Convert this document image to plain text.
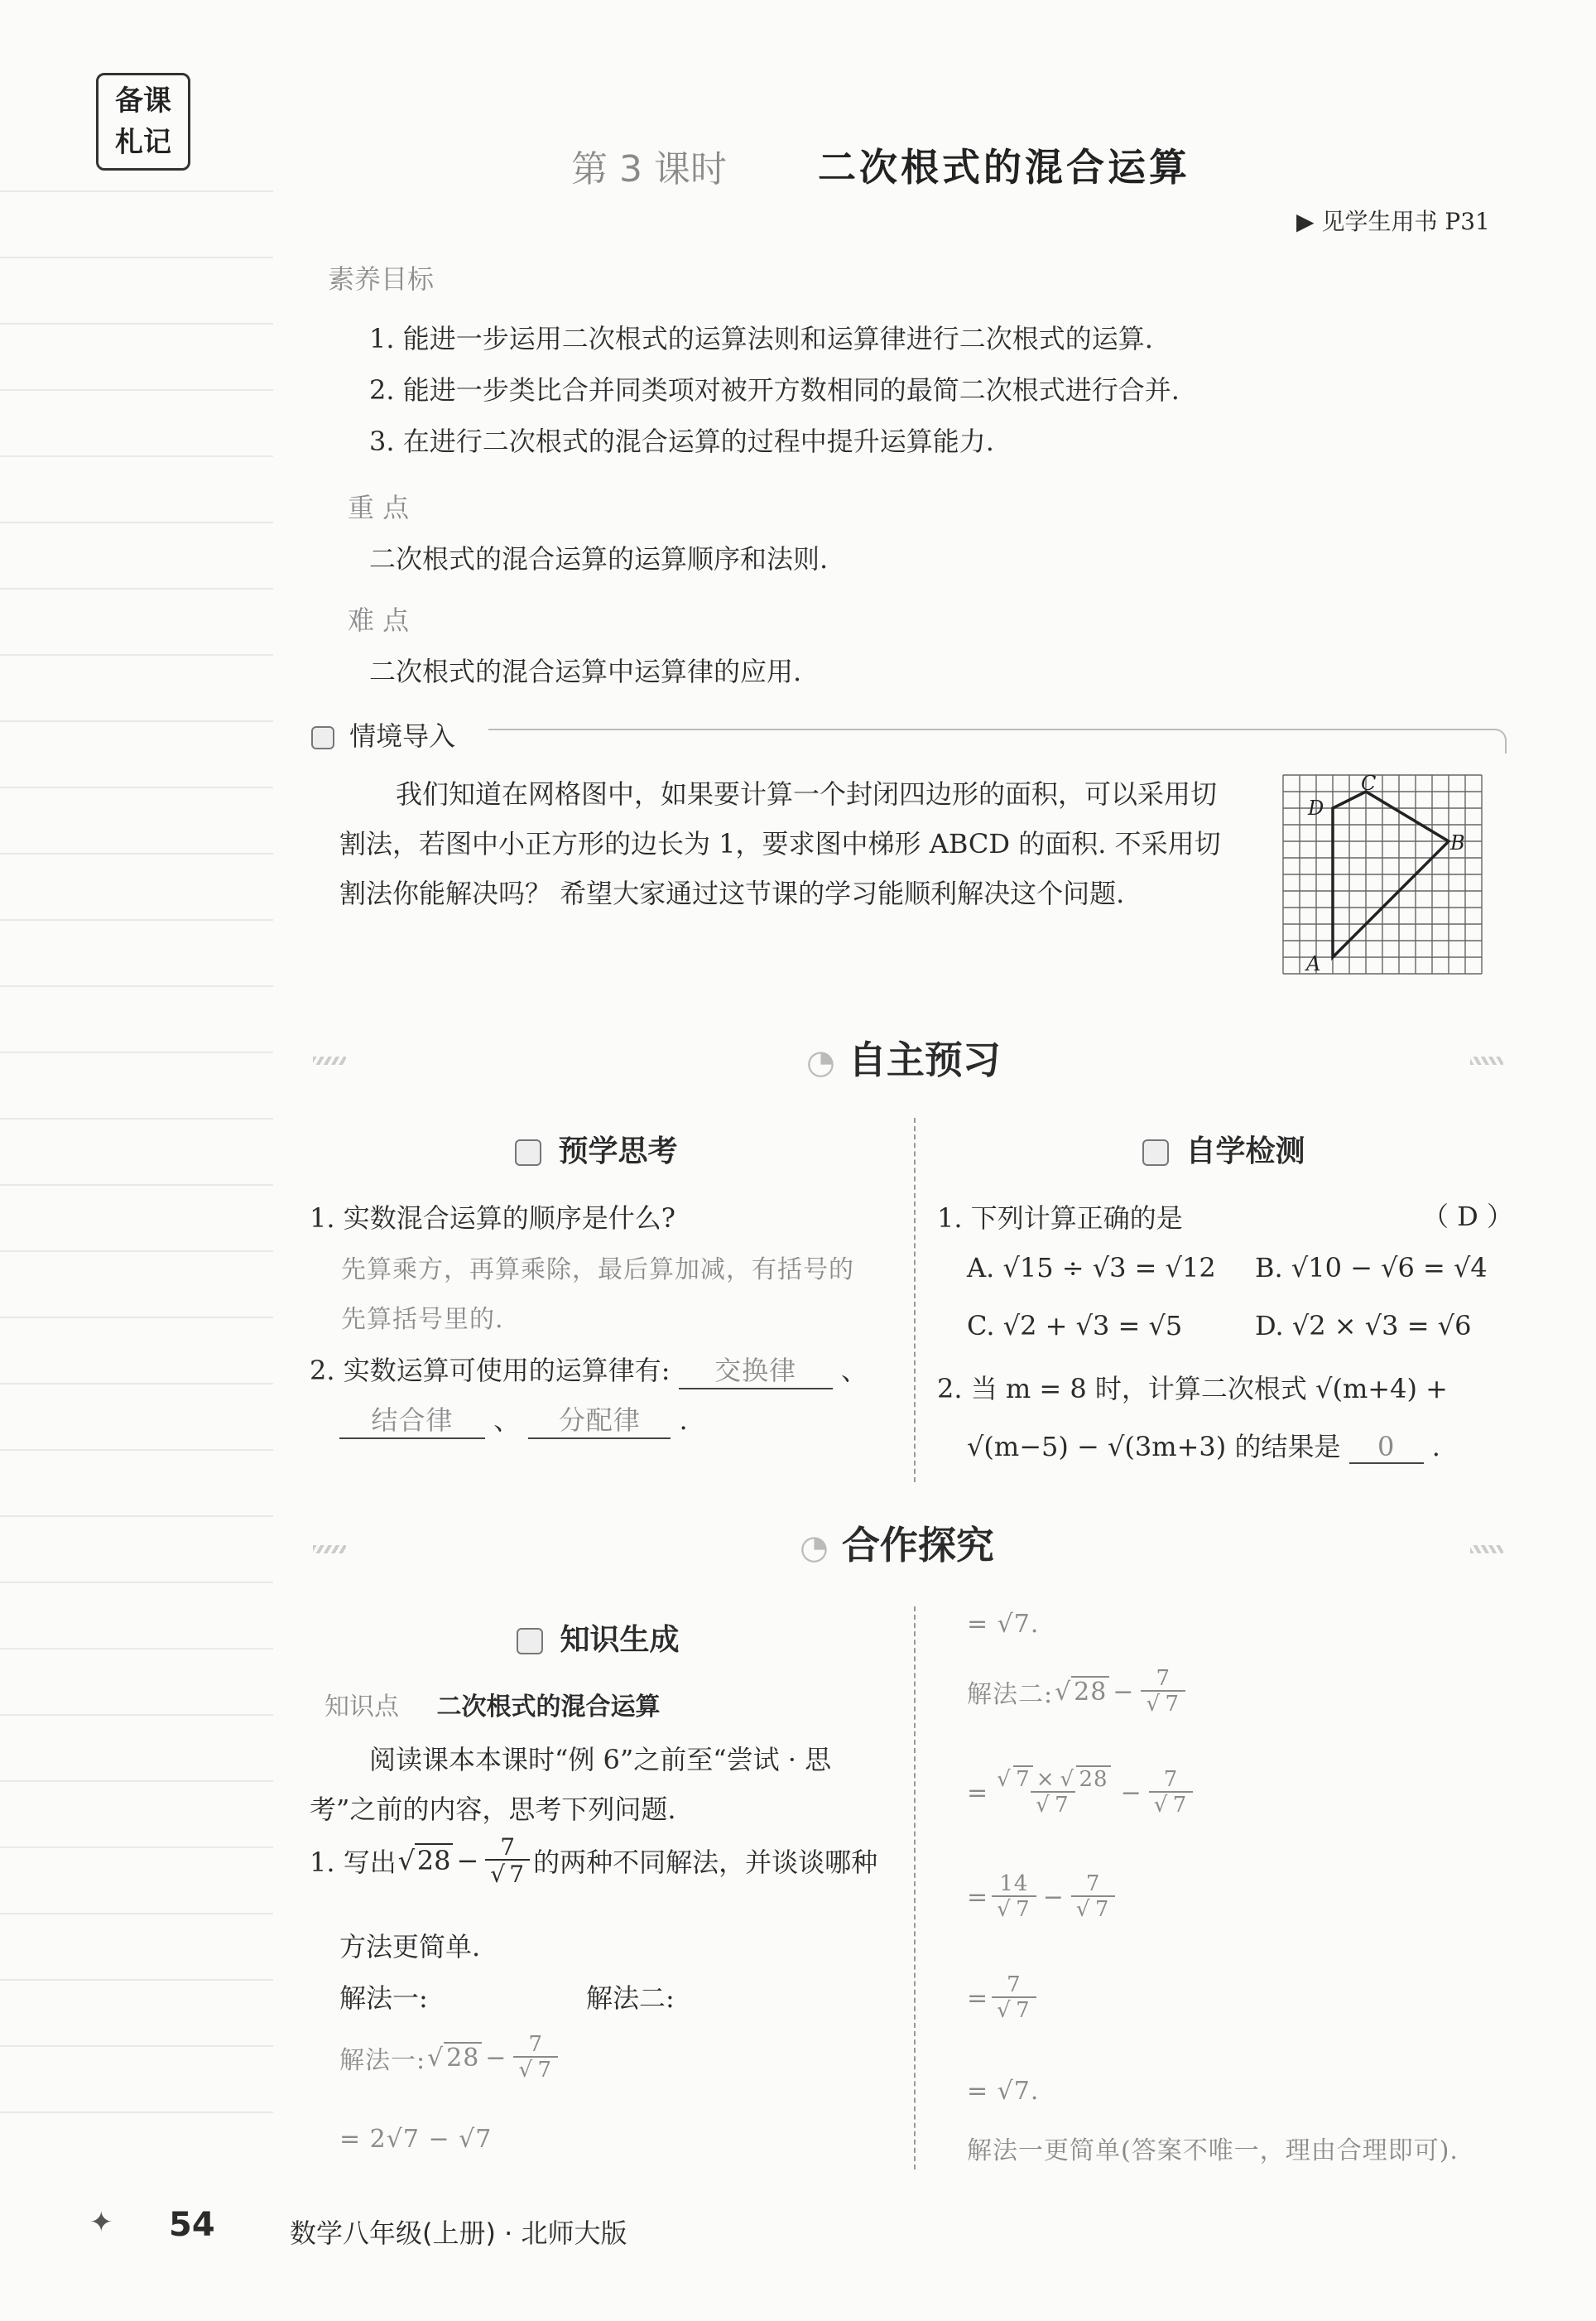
备课
札记
第 3 课时 二次根式的混合运算
▶ 见学生用书 P31
素养目标
1. 能进一步运用二次根式的运算法则和运算律进行二次根式的运算.
2. 能进一步类比合并同类项对被开方数相同的最简二次根式进行合并.
3. 在进行二次根式的混合运算的过程中提升运算能力.
重 点
二次根式的混合运算的运算顺序和法则.
难 点
二次根式的混合运算中运算律的应用.
情境导入
我们知道在网格图中，如果要计算一个封闭四边形的面积，可以采用切
割法，若图中小正方形的边长为 1，要求图中梯形 ABCD 的面积. 不采用切
割法你能解决吗？ 希望大家通过这节课的学习能顺利解决这个问题.
A
B
C
D
◔ 自主预习
预学思考
1. 实数混合运算的顺序是什么?
先算乘方，再算乘除，最后算加减，有括号的
先算括号里的.
2. 实数运算可使用的运算律有: 交换律 、
结合律 、 分配律 .
自学检测
1. 下列计算正确的是	（ D ）
A. √15 ÷ √3 = √12 B. √10 − √6 = √4
C. √2 + √3 = √5	D. √2 × √3 = √6
2. 当 m = 8 时，计算二次根式 √(m+4) +
√(m−5) − √(3m+3) 的结果是 0 .
◔ 合作探究
知识生成
知识点 二次根式的混合运算
阅读课本本课时“例 6”之前至“尝试 · 思
考”之前的内容，思考下列问题.
1. 写出 √ 28 − 7
√ 7 的两种不同解法，并谈谈哪种
方法更简单.
解法一:	解法二:
解法一: √ 28 − 7
√ 7
= 2√7 − √7
= √7.
解法二: √ 28 − 7
√ 7
= √ 7 × √ 28
√ 7 − 7
√ 7
= 14
√ 7 − 7
√ 7
= 7
√ 7
= √7.
解法一更简单(答案不唯一，理由合理即可).
✦ 54	数学八年级(上册) · 北师大版
